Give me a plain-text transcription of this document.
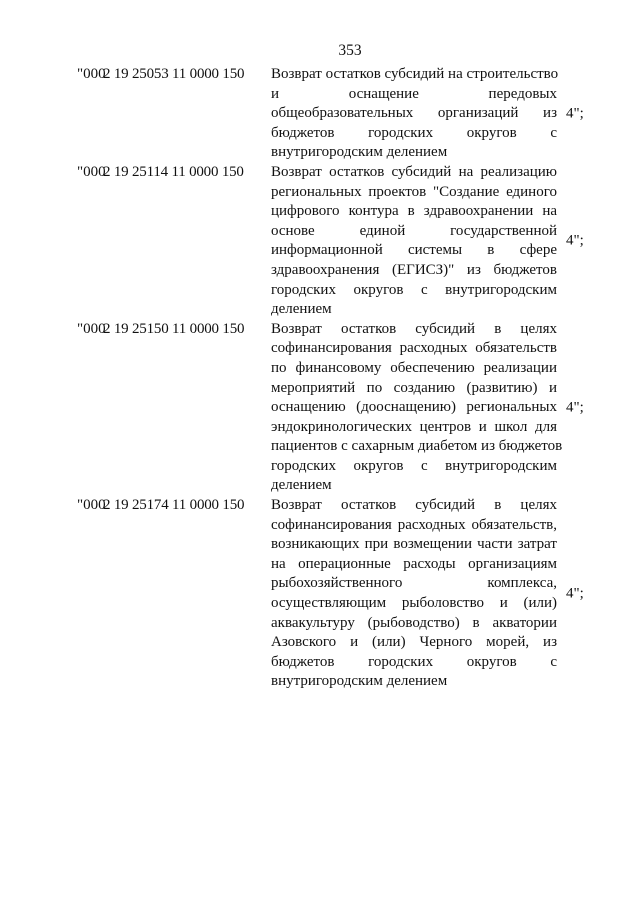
353
"000
2 19 25053 11 0000 150 Возврат остатков субсидий на строительство
и оснащение передовых
общеобразовательных организаций из
бюджетов городских округов с
внутригородским делением
4";
"000
2 19 25114 11 0000 150 Возврат остатков субсидий на реализацию
региональных проектов "Создание единого
цифрового контура в здравоохранении на
основе единой государственной
информационной системы в сфере
здравоохранения (ЕГИСЗ)" из бюджетов
городских округов с внутригородским
делением
4";
"000
2 19 25150 11 0000 150 Возврат остатков субсидий в целях
софинансирования расходных обязательств
по финансовому обеспечению реализации
мероприятий по созданию (развитию) и
оснащению (дооснащению) региональных
эндокринологических центров и школ для
пациентов с сахарным диабетом из бюджетов
городских округов с внутригородским
делением
4";
"000
2 19 25174 11 0000 150 Возврат остатков субсидий в целях
софинансирования расходных обязательств,
возникающих при возмещении части затрат
на операционные расходы организациям
рыбохозяйственного комплекса,
осуществляющим рыболовство и (или)
аквакультуру (рыбоводство) в акватории
Азовского и (или) Черного морей, из
бюджетов городских округов с
внутригородским делением
4";
